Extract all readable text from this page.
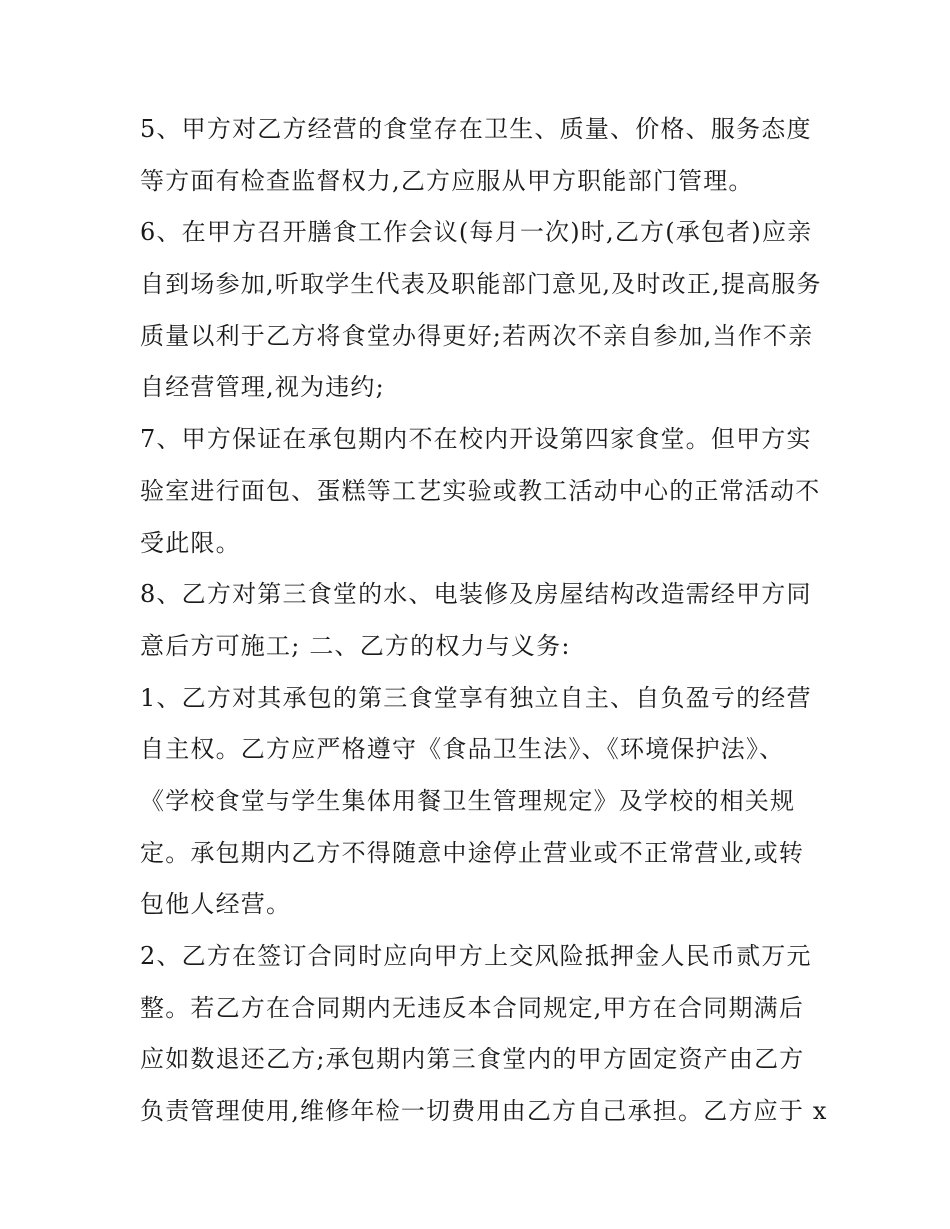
5、甲方对乙方经营的食堂存在卫生、质量、价格、服务态度
等方面有检查监督权力,乙方应服从甲方职能部门管理。
6、在甲方召开膳食工作会议(每月一次)时,乙方(承包者)应亲
自到场参加,听取学生代表及职能部门意见,及时改正,提高服务
质量以利于乙方将食堂办得更好;若两次不亲自参加,当作不亲
自经营管理,视为违约;
7、甲方保证在承包期内不在校内开设第四家食堂。但甲方实
验室进行面包、蛋糕等工艺实验或教工活动中心的正常活动不
受此限。
8、乙方对第三食堂的水、电装修及房屋结构改造需经甲方同
意后方可施工; 二、乙方的权力与义务:
1、乙方对其承包的第三食堂享有独立自主、自负盈亏的经营
自主权。乙方应严格遵守《食品卫生法》、《环境保护法》、
《学校食堂与学生集体用餐卫生管理规定》及学校的相关规
定。承包期内乙方不得随意中途停止营业或不正常营业,或转
包他人经营。
2、乙方在签订合同时应向甲方上交风险抵押金人民币贰万元
整。若乙方在合同期内无违反本合同规定,甲方在合同期满后
应如数退还乙方;承包期内第三食堂内的甲方固定资产由乙方
负责管理使用,维修年检一切费用由乙方自己承担。乙方应于 x
